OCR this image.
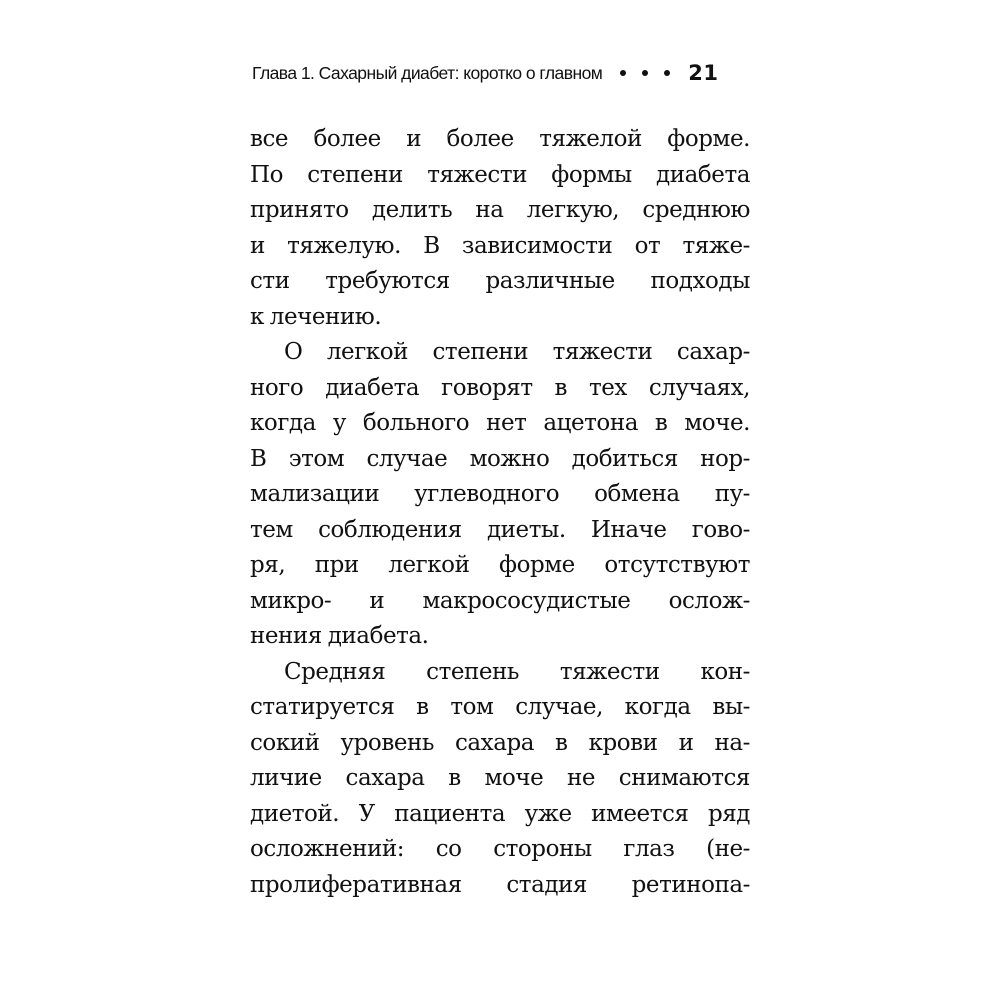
Глава 1. Сахарный диабет: коротко о главном	21
все более и более тяжелой форме.
По степени тяжести формы диабета
принято делить на легкую, среднюю
и тяжелую. В зависимости от тяже-
сти требуются различные подходы
к лечению.
О легкой степени тяжести сахар-
ного диабета говорят в тех случаях,
когда у больного нет ацетона в моче.
В этом случае можно добиться нор-
мализации углеводного обмена пу-
тем соблюдения диеты. Иначе гово-
ря, при легкой форме отсутствуют
микро- и макрососудистые ослож-
нения диабета.
Средняя степень тяжести кон-
статируется в том случае, когда вы-
сокий уровень сахара в крови и на-
личие сахара в моче не снимаются
диетой. У пациента уже имеется ряд
осложнений: со стороны глаз (не-
пролиферативная стадия ретинопа-
